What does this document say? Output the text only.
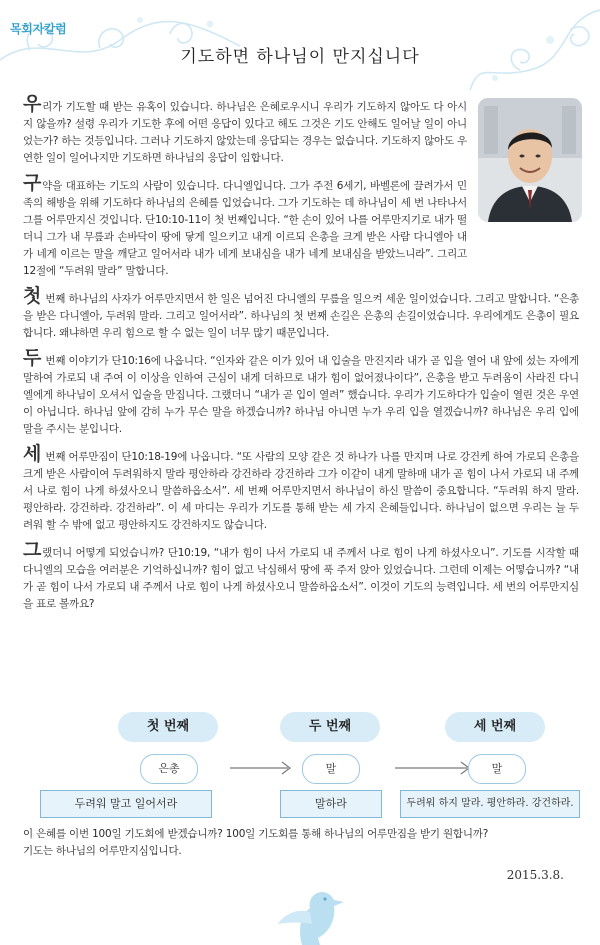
목회자칼럼
기도하면 하나님이 만지십니다

우리가 기도할 때 받는 유혹이 있습니다. 하나님은 은혜로우시니 우리가 기도하지 않아도 다 아시지 않을까? 설령 우리가 기도한 후에 어떤 응답이 있다고 해도 그것은 기도 안해도 일어날 일이 아니었는가? 하는 것등입니다. 그러나 기도하지 않았는데 응답되는 경우는 없습니다. 기도하지 않아도 우연한 일이 일어나지만 기도하면 하나님의 응답이 임합니다.

구약을 대표하는 기도의 사람이 있습니다. 다니엘입니다. 그가 주전 6세기, 바벨론에 끌려가서 민족의 해방을 위해 기도하다 하나님의 은혜를 입었습니다. 그가 기도하는 데 하나님이 세 번 나타나서 그를 어루만지신 것입니다. 단10:10-11이 첫 번째입니다. “한 손이 있어 나를 어루만지기로 내가 떨더니 그가 내 무릎과 손바닥이 땅에 닿게 일으키고 내게 이르되 은총을 크게 받은 사람 다니엘아 내가 네게 이르는 말을 깨닫고 일어서라 내가 네게 보내심을 내가 네게 보내심을 받았느니라”. 그리고 12절에 “두려워 말라” 말합니다.

첫 번째 하나님의 사자가 어루만지면서 한 일은 넘어진 다니엘의 무릎을 일으켜 세운 일이었습니다. 그리고 말합니다. “은총을 받은 다니엘아, 두려워 말라. 그리고 일어서라”. 하나님의 첫 번째 손길은 은총의 손길이었습니다. 우리에게도 은총이 필요합니다. 왜냐하면 우리 힘으로 할 수 없는 일이 너무 많기 때문입니다.

두 번째 이야기가 단10:16에 나옵니다. “인자와 같은 이가 있어 내 입술을 만진지라 내가 곧 입을 열어 내 앞에 섰는 자에게 말하여 가로되 내 주여 이 이상을 인하여 근심이 내게 더하므로 내가 힘이 없어졌나이다”, 은총을 받고 두려움이 사라진 다니엘에게 하나님이 오셔서 입술을 만집니다. 그랬더니 “내가 곧 입이 열려” 했습니다. 우리가 기도하다가 입술이 열린 것은 우연이 아닙니다. 하나님 앞에 감히 누가 무슨 말을 하겠습니까? 하나님 아니면 누가 우리 입을 열겠습니까? 하나님은 우리 입에 말을 주시는 분입니다.

세 번째 어루만짐이 단10:18-19에 나옵니다. “또 사람의 모양 같은 것 하나가 나를 만지며 나로 강건케 하여 가로되 은총을 크게 받은 사람이여 두려워하지 말라 평안하라 강건하라 강건하라 그가 이같이 내게 말하매 내가 곧 힘이 나서 가로되 내 주께서 나로 힘이 나게 하셨사오니 말씀하옵소서”. 세 번째 어루만지면서 하나님이 하신 말씀이 중요합니다. “두려워 하지 말라. 평안하라. 강건하라. 강건하라”. 이 세 마디는 우리가 기도를 통해 받는 세 가지 은혜들입니다. 하나님이 없으면 우리는 늘 두려워 할 수 밖에 없고 평안하지도 강건하지도 않습니다.

그랬더니 어떻게 되었습니까? 단10:19, “내가 힘이 나서 가로되 내 주께서 나로 힘이 나게 하셨사오니”. 기도를 시작할 때 다니엘의 모습을 여러분은 기억하십니까? 힘이 없고 낙심해서 땅에 푹 주저 앉아 있었습니다. 그런데 이제는 어떻습니까? “내가 곧 힘이 나서 가로되 내 주께서 나로 힘이 나게 하셨사오니 말씀하옵소서”. 이것이 기도의 능력입니다. 세 번의 어루만지심을 표로 볼까요?

첫 번째
은총
두려워 말고 일어서라
두 번째
말
말하라
세 번째
말
두려워 하지 말라. 평안하라. 강건하라.
이 은혜를 이번 100일 기도회에 받겠습니까? 100일 기도회를 통해 하나님의 어루만짐을 받기 원합니까?
기도는 하나님의 어루만지심입니다.
2015.3.8.
